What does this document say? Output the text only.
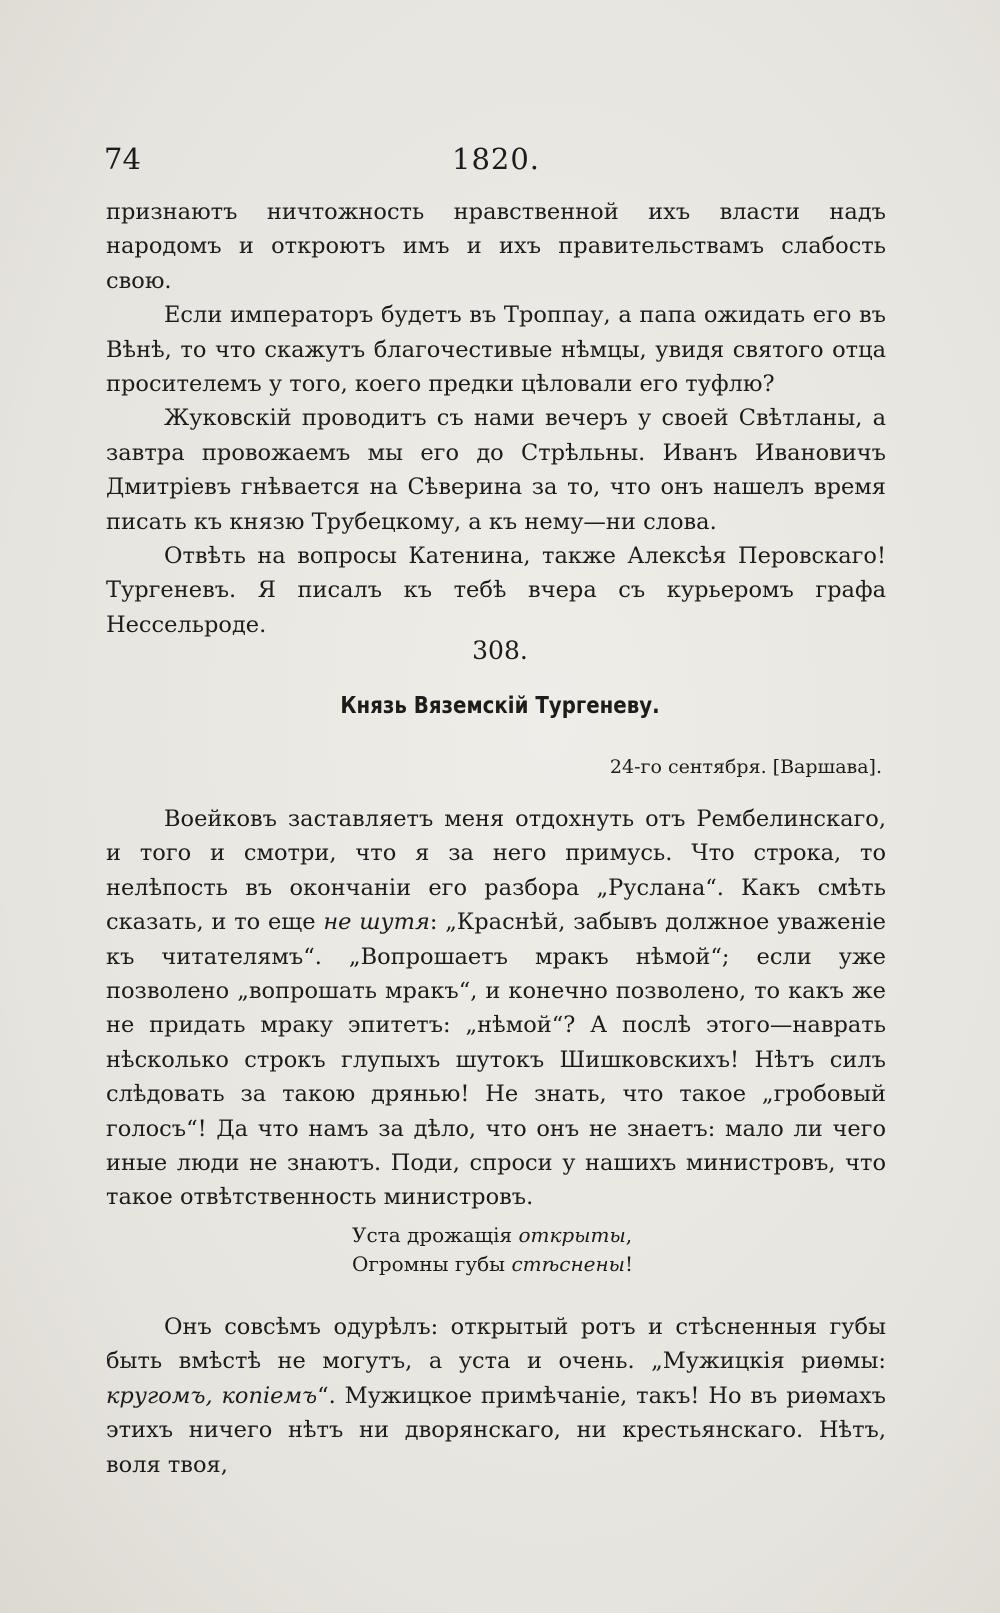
74	1820.

признаютъ ничтожность нравственной ихъ власти надъ народомъ и откроютъ имъ и ихъ правительствамъ слабость свою.

Если императоръ будетъ въ Троппау, а папа ожидать его въ Вѣнѣ, то что скажутъ благочестивые нѣмцы, увидя святого отца просителемъ у того, коего предки цѣловали его туфлю?

Жуковскiй проводитъ съ нами вечеръ у своей Свѣтланы, а завтра провожаемъ мы его до Стрѣльны. Иванъ Ивановичъ Дмитрiевъ гнѣвается на Сѣверина за то, что онъ нашелъ время писать къ князю Трубецкому, а къ нему—ни слова.

Отвѣть на вопросы Катенина, также Алексѣя Перовскаго! Тургеневъ. Я писалъ къ тебѣ вчера съ курьеромъ графа Нессельроде.

308.
Князь Вяземскiй Тургеневу.
24-го сентября. [Варшава].

Воейковъ заставляетъ меня отдохнуть отъ Рембелинскаго, и того и смотри, что я за него примусь. Что строка, то нелѣпость въ окончанiи его разбора „Руслана“. Какъ смѣть сказать, и то еще не шутя: „Краснѣй, забывъ должное уваженiе къ читателямъ“. „Вопрошаетъ мракъ нѣмой“; если уже позволено „вопрошать мракъ“, и конечно позволено, то какъ же не придать мраку эпитетъ: „нѣмой“? А послѣ этого—наврать нѣсколько строкъ глупыхъ шутокъ Шишковскихъ! Нѣтъ силъ слѣдовать за такою дрянью! Не знать, что такое „гробовый голосъ“! Да что намъ за дѣло, что онъ не знаетъ: мало ли чего иные люди не знаютъ. Поди, спроси у нашихъ министровъ, что такое отвѣтственность министровъ.

Уста дрожащiя открыты,

Огромны губы стѣснены!

Онъ совсѣмъ одурѣлъ: открытый ротъ и стѣсненныя губы быть вмѣстѣ не могутъ, а уста и очень. „Мужицкiя риѳмы: кругомъ, копiемъ“. Мужицкое примѣчанiе, такъ! Но въ риѳмахъ этихъ ничего нѣтъ ни дворянскаго, ни крестьянскаго. Нѣтъ, воля твоя,
